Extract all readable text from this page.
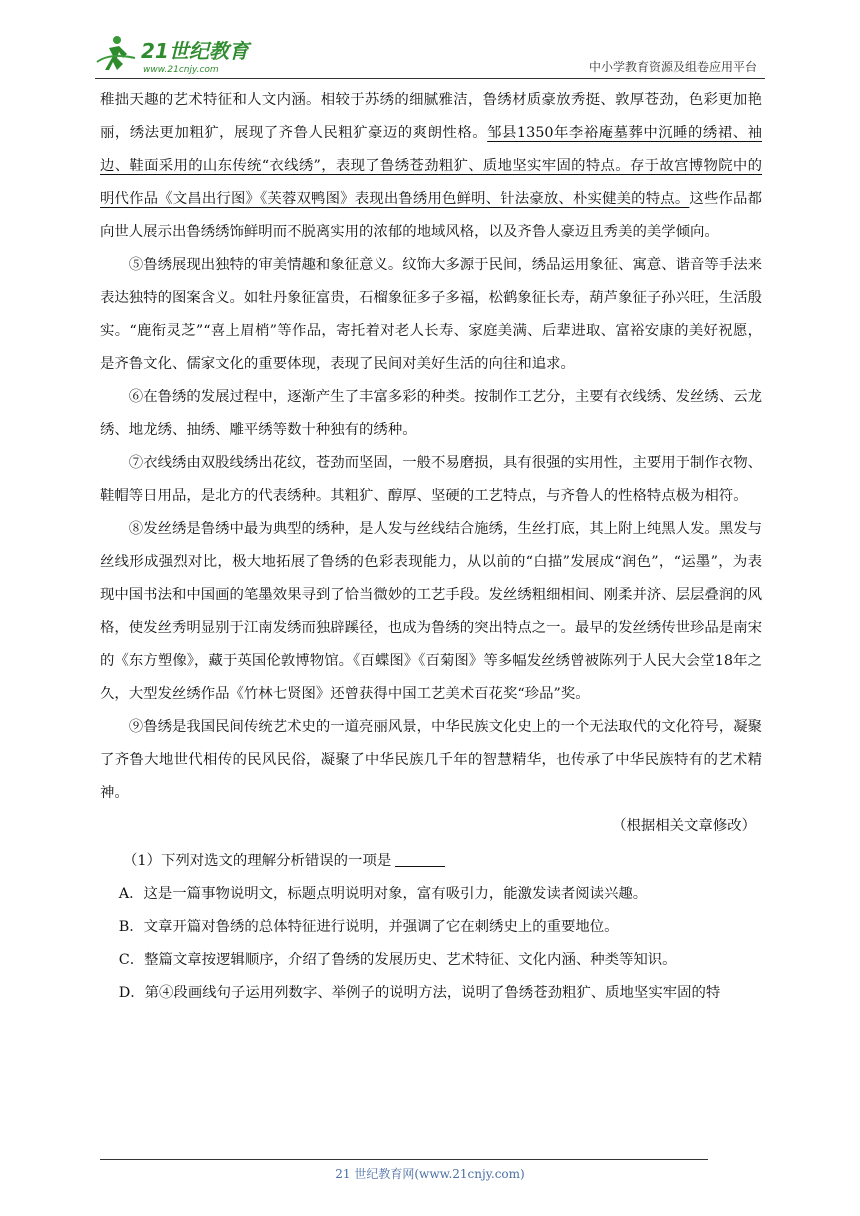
21世纪教育
www.21cnjy.com	中小学教育资源及组卷应用平台

稚拙天趣的艺术特征和人文内涵。相较于苏绣的细腻雅洁，鲁绣材质豪放秀挺、敦厚苍劲，色彩更加艳丽，绣法更加粗犷，展现了齐鲁人民粗犷豪迈的爽朗性格。邹县1350年李裕庵墓葬中沉睡的绣裙、袖边、鞋面采用的山东传统“衣线绣”，表现了鲁绣苍劲粗犷、质地坚实牢固的特点。存于故宫博物院中的明代作品《文昌出行图》《芙蓉双鸭图》表现出鲁绣用色鲜明、针法豪放、朴实健美的特点。这些作品都向世人展示出鲁绣绣饰鲜明而不脱离实用的浓郁的地域风格，以及齐鲁人豪迈且秀美的美学倾向。

⑤鲁绣展现出独特的审美情趣和象征意义。纹饰大多源于民间，绣品运用象征、寓意、谐音等手法来表达独特的图案含义。如牡丹象征富贵，石榴象征多子多福，松鹤象征长寿，葫芦象征子孙兴旺，生活殷实。“鹿衔灵芝”“喜上眉梢”等作品，寄托着对老人长寿、家庭美满、后辈进取、富裕安康的美好祝愿，是齐鲁文化、儒家文化的重要体现，表现了民间对美好生活的向往和追求。

⑥在鲁绣的发展过程中，逐渐产生了丰富多彩的种类。按制作工艺分，主要有衣线绣、发丝绣、云龙绣、地龙绣、抽绣、雕平绣等数十种独有的绣种。

⑦衣线绣由双股线绣出花纹，苍劲而坚固，一般不易磨损，具有很强的实用性，主要用于制作衣物、鞋帽等日用品，是北方的代表绣种。其粗犷、醇厚、坚硬的工艺特点，与齐鲁人的性格特点极为相符。

⑧发丝绣是鲁绣中最为典型的绣种，是人发与丝线结合施绣，生丝打底，其上附上纯黑人发。黑发与丝线形成强烈对比，极大地拓展了鲁绣的色彩表现能力，从以前的“白描”发展成“润色”，“运墨”，为表现中国书法和中国画的笔墨效果寻到了恰当微妙的工艺手段。发丝绣粗细相间、刚柔并济、层层叠润的风格，使发丝秀明显别于江南发绣而独辟蹊径，也成为鲁绣的突出特点之一。最早的发丝绣传世珍品是南宋的《东方塑像》，藏于英国伦敦博物馆。《百蝶图》《百菊图》等多幅发丝绣曾被陈列于人民大会堂18年之久，大型发丝绣作品《竹林七贤图》还曾获得中国工艺美术百花奖“珍品”奖。

⑨鲁绣是我国民间传统艺术史的一道亮丽风景，中华民族文化史上的一个无法取代的文化符号，凝聚了齐鲁大地世代相传的民风民俗，凝聚了中华民族几千年的智慧精华，也传承了中华民族特有的艺术精神。

（根据相关文章修改）

（1）下列对选文的理解分析错误的一项是

A．这是一篇事物说明文，标题点明说明对象，富有吸引力，能激发读者阅读兴趣。

B．文章开篇对鲁绣的总体特征进行说明，并强调了它在刺绣史上的重要地位。

C．整篇文章按逻辑顺序，介绍了鲁绣的发展历史、艺术特征、文化内涵、种类等知识。

D．第④段画线句子运用列数字、举例子的说明方法，说明了鲁绣苍劲粗犷、质地坚实牢固的特

21 世纪教育网(www.21cnjy.com)
